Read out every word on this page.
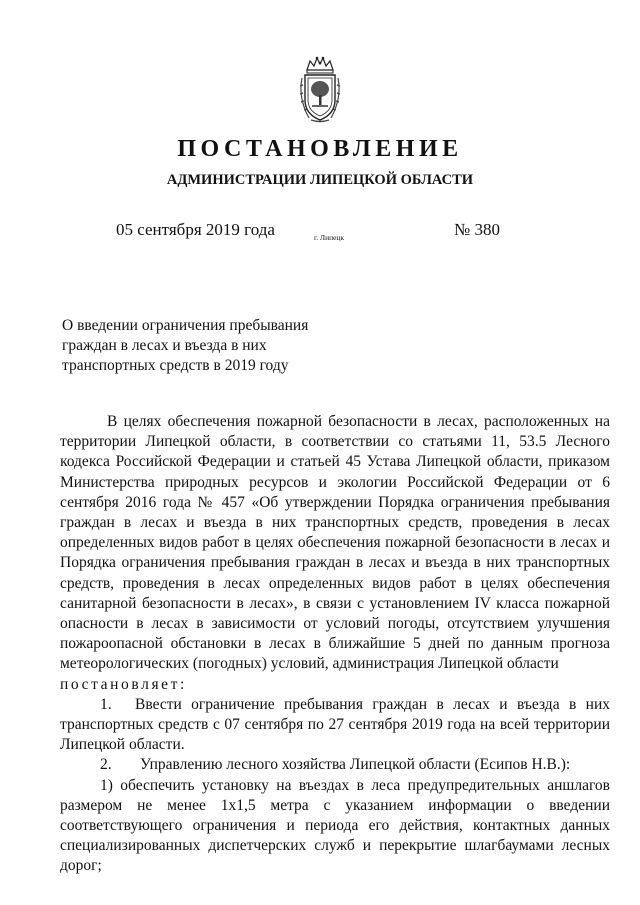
ПОСТАНОВЛЕНИЕ
АДМИНИСТРАЦИИ ЛИПЕЦКОЙ ОБЛАСТИ
05 сентября 2019 года	г. Липецк	№ 380
О введении ограничения пребывания
граждан в лесах и въезда в них
транспортных средств в 2019 году

В целях обеспечения пожарной безопасности в лесах, расположенных на территории Липецкой области, в соответствии со статьями 11, 53.5 Лесного кодекса Российской Федерации и статьей 45 Устава Липецкой области, приказом Министерства природных ресурсов и экологии Российской Федерации от 6 сентября 2016 года № 457 «Об утверждении Порядка ограничения пребывания граждан в лесах и въезда в них транспортных средств, проведения в лесах определенных видов работ в целях обеспечения пожарной безопасности в лесах и Порядка ограничения пребывания граждан в лесах и въезда в них транспортных средств, проведения в лесах определенных видов работ в целях обеспечения санитарной безопасности в лесах», в связи с установлением IV класса пожарной опасности в лесах в зависимости от условий погоды, отсутствием улучшения пожароопасной обстановки в лесах в ближайшие 5 дней по данным прогноза метеорологических (погодных) условий, администрация Липецкой области

постановляет:

1. Ввести ограничение пребывания граждан в лесах и въезда в них транспортных средств с 07 сентября по 27 сентября 2019 года на всей территории Липецкой области.

2. Управлению лесного хозяйства Липецкой области (Есипов Н.В.):

1) обеспечить установку на въездах в леса предупредительных аншлагов размером не менее 1х1,5 метра с указанием информации о введении соответствующего ограничения и периода его действия, контактных данных специализированных диспетчерских служб и перекрытие шлагбаумами лесных дорог;
